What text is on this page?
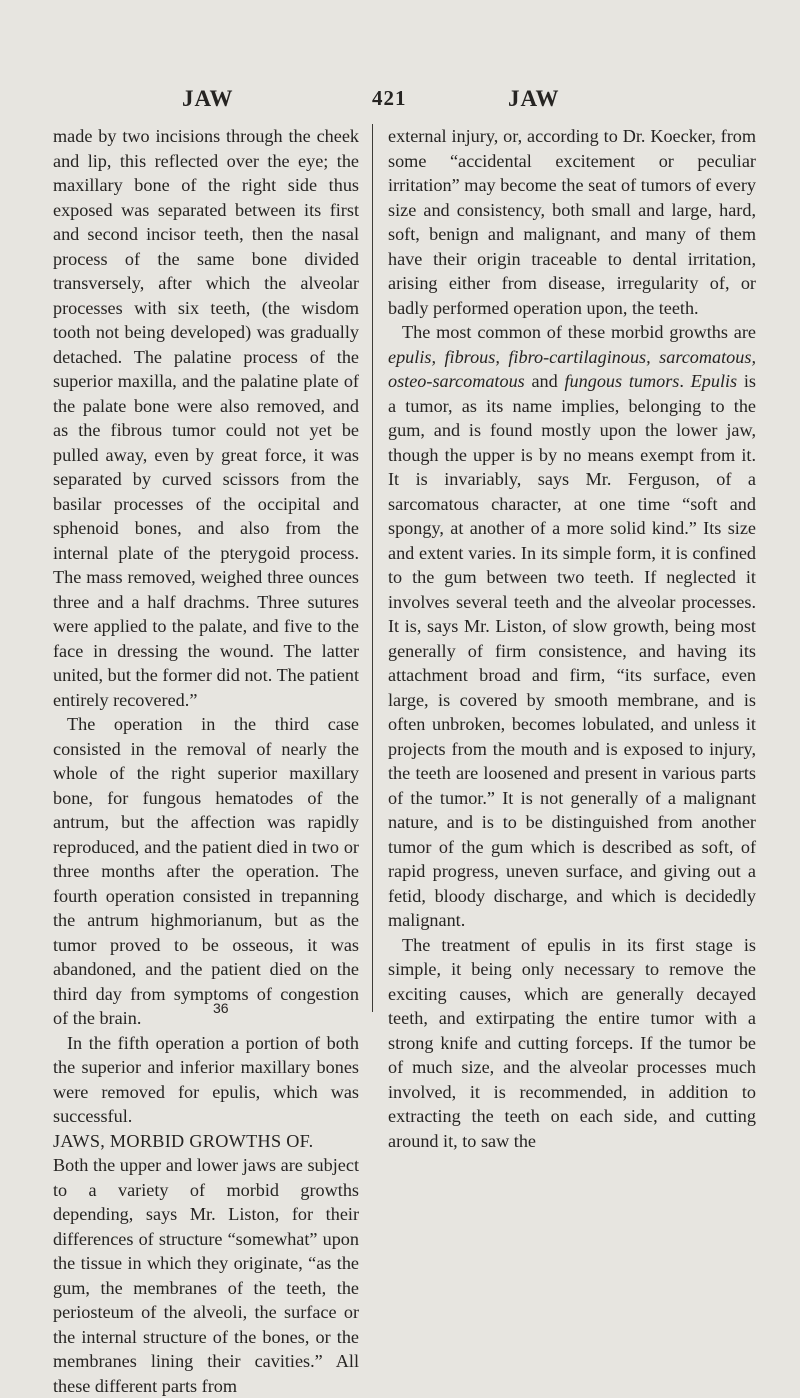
JAW	421	JAW

made by two incisions through the cheek and lip, this reflected over the eye; the maxillary bone of the right side thus exposed was separated between its first and second incisor teeth, then the nasal process of the same bone divided transversely, after which the alveolar processes with six teeth, (the wisdom tooth not being developed) was gradually detached. The palatine process of the superior maxilla, and the palatine plate of the palate bone were also removed, and as the fibrous tumor could not yet be pulled away, even by great force, it was separated by curved scissors from the basilar processes of the occipital and sphenoid bones, and also from the internal plate of the pterygoid process. The mass removed, weighed three ounces three and a half drachms. Three sutures were applied to the palate, and five to the face in dressing the wound. The latter united, but the former did not. The patient entirely recovered.”

The operation in the third case consisted in the removal of nearly the whole of the right superior maxillary bone, for fungous hematodes of the antrum, but the affection was rapidly reproduced, and the patient died in two or three months after the operation. The fourth operation consisted in trepanning the antrum highmorianum, but as the tumor proved to be osseous, it was abandoned, and the patient died on the third day from symptoms of congestion of the brain.

In the fifth operation a portion of both the superior and inferior maxillary bones were removed for epulis, which was successful.

JAWS, MORBID GROWTHS OF.

Both the upper and lower jaws are subject to a variety of morbid growths depending, says Mr. Liston, for their differences of structure “somewhat” upon the tissue in which they originate, “as the gum, the membranes of the teeth, the periosteum of the alveoli, the surface or the internal structure of the bones, or the membranes lining their cavities.” All these different parts from

external injury, or, according to Dr. Koecker, from some “accidental excitement or peculiar irritation” may become the seat of tumors of every size and consistency, both small and large, hard, soft, benign and malignant, and many of them have their origin traceable to dental irritation, arising either from disease, irregularity of, or badly performed operation upon, the teeth.

The most common of these morbid growths are epulis, fibrous, fibro-cartilaginous, sarcomatous, osteo-sarcomatous and fungous tumors. Epulis is a tumor, as its name implies, belonging to the gum, and is found mostly upon the lower jaw, though the upper is by no means exempt from it. It is invariably, says Mr. Ferguson, of a sarcomatous character, at one time “soft and spongy, at another of a more solid kind.” Its size and extent varies. In its simple form, it is confined to the gum between two teeth. If neglected it involves several teeth and the alveolar processes. It is, says Mr. Liston, of slow growth, being most generally of firm consistence, and having its attachment broad and firm, “its surface, even large, is covered by smooth membrane, and is often unbroken, becomes lobulated, and unless it projects from the mouth and is exposed to injury, the teeth are loosened and present in various parts of the tumor.” It is not generally of a malignant nature, and is to be distinguished from another tumor of the gum which is described as soft, of rapid progress, uneven surface, and giving out a fetid, bloody discharge, and which is decidedly malignant.

The treatment of epulis in its first stage is simple, it being only necessary to remove the exciting causes, which are generally decayed teeth, and extirpating the entire tumor with a strong knife and cutting forceps. If the tumor be of much size, and the alveolar processes much involved, it is recommended, in addition to extracting the teeth on each side, and cutting around it, to saw the

36
